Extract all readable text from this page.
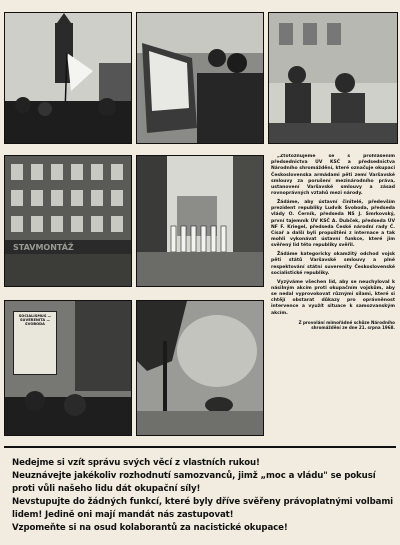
STAVMONTÁŽ
SOCIALISMUS — SUVERENITA — SVOBODA

„Ztotožňujeme se s prohlášením předsednictva ÚV KSČ a předsednictva Národního shromáždění, které označuje okupaci Československa armádami pěti zemí Varšavské smlouvy za porušení mezinárodního práva, ustanovení Varšavské smlouvy a zásad rovnoprávných vztahů mezi národy.

Žádáme, aby ústavní činitelé, především prezident republiky Ludvík Svoboda, předseda vlády O. Černík, předseda NS J. Smrkovský, první tajemník ÚV KSČ A. Dubček, předseda ÚV NF F. Kriegel, předseda České národní rady Č. Císař a další byli propuštěni z internace a tak mohli vykonávat ústavní funkce, které jim svěřený lid této republiky svěřil.

Žádáme kategoricky okamžitý odchod vojsk pěti států Varšavské smlouvy a plné respektování státní suverenity Československé socialistické republiky.

Vyzýváme všechen lid, aby se neuchyloval k násilným akcím proti okupačním vojskům, aby se nedal vyprovokovat různými silami, které si chtějí obstarat důkazy pro oprávněnost intervence a využít situace k samozvanským akcím.

Z provolání mimořádné schůze Národního shromáždění ze dne 21. srpna 1968.
Nedejme si vzít správu svých věcí z vlastních rukou!
Neuznávejte jakékoliv rozhodnutí samozvanců, jimž „moc a vládu" se pokusí proti vůli našeho lidu dát okupační síly!
Nevstupujte do žádných funkcí, které byly dříve svěřeny právoplatnými volbami lidem! Jedině oni mají mandát nás zastupovat!
Vzpomeňte si na osud kolaborantů za nacistické okupace!
